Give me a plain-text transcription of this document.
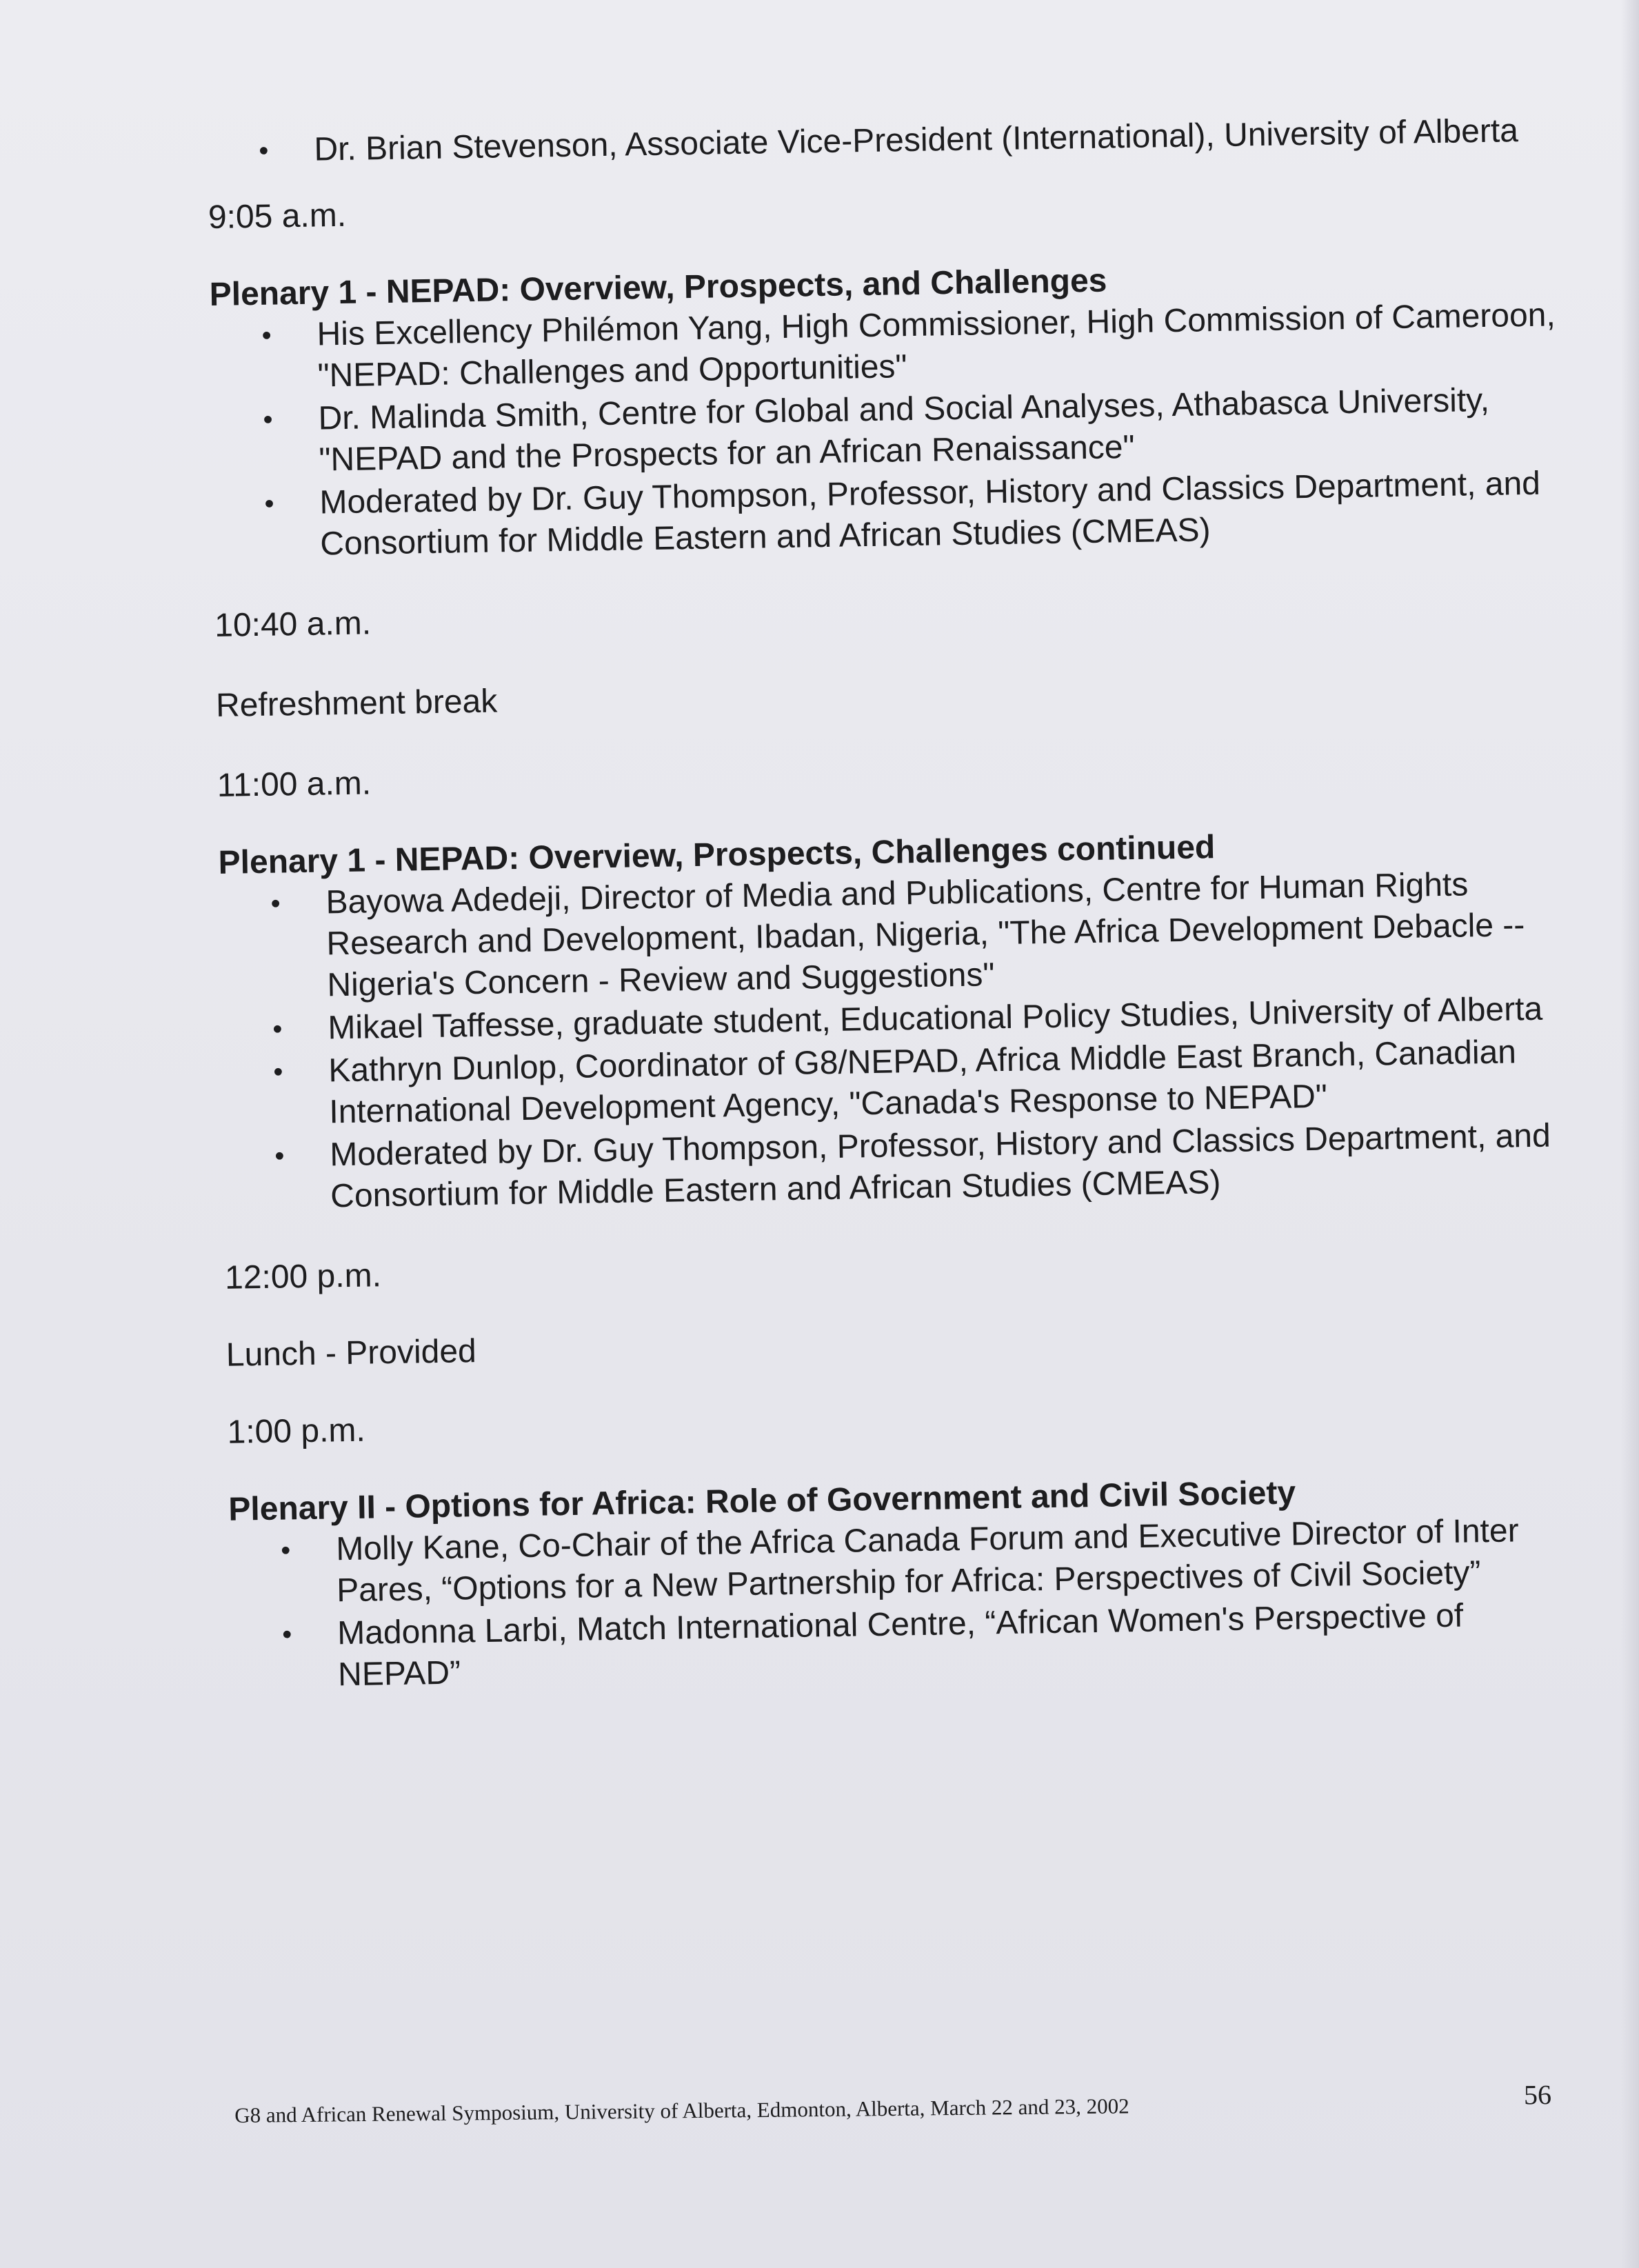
• Dr. Brian Stevenson, Associate Vice-President (International), University of Alberta

9:05 a.m.

Plenary 1 - NEPAD: Overview, Prospects, and Challenges

• His Excellency Philémon Yang, High Commissioner, High Commission of Cameroon, "NEPAD: Challenges and Opportunities"
• Dr. Malinda Smith, Centre for Global and Social Analyses, Athabasca University, "NEPAD and the Prospects for an African Renaissance"
• Moderated by Dr. Guy Thompson, Professor, History and Classics Department, and Consortium for Middle Eastern and African Studies (CMEAS)

10:40 a.m.

Refreshment break

11:00 a.m.

Plenary 1 - NEPAD: Overview, Prospects, Challenges continued

• Bayowa Adedeji, Director of Media and Publications, Centre for Human Rights Research and Development, Ibadan, Nigeria, "The Africa Development Debacle -- Nigeria's Concern - Review and Suggestions"
• Mikael Taffesse, graduate student, Educational Policy Studies, University of Alberta
• Kathryn Dunlop, Coordinator of G8/NEPAD, Africa Middle East Branch, Canadian International Development Agency, "Canada's Response to NEPAD"
• Moderated by Dr. Guy Thompson, Professor, History and Classics Department, and Consortium for Middle Eastern and African Studies (CMEAS)

12:00 p.m.

Lunch - Provided

1:00 p.m.

Plenary II - Options for Africa: Role of Government and Civil Society

• Molly Kane, Co-Chair of the Africa Canada Forum and Executive Director of Inter Pares, “Options for a New Partnership for Africa: Perspectives of Civil Society”
• Madonna Larbi, Match International Centre, “African Women's Perspective of NEPAD”
G8 and African Renewal Symposium, University of Alberta, Edmonton, Alberta, March 22 and 23, 2002	56
